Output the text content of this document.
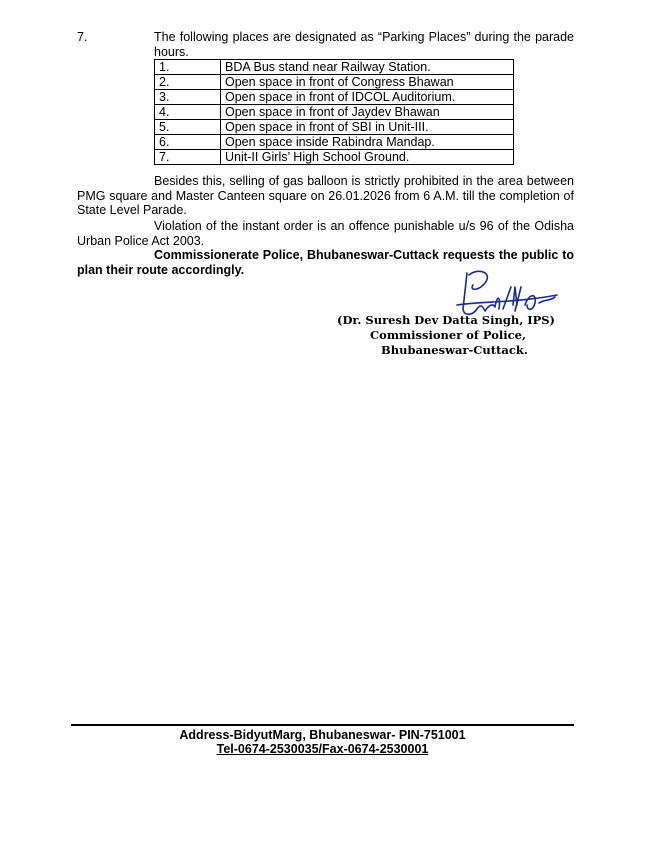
7.	The following places are designated as “Parking Places” during the parade hours.
1.	BDA Bus stand near Railway Station.
2.	Open space in front of Congress Bhawan
3.	Open space in front of IDCOL Auditorium.
4.	Open space in front of Jaydev Bhawan
5.	Open space in front of SBI in Unit-III.
6.	Open space inside Rabindra Mandap.
7.	Unit-II Girls’ High School Ground.
Besides this, selling of gas balloon is strictly prohibited in the area between PMG square and Master Canteen square on 26.01.2026 from 6 A.M. till the completion of State Level Parade.
Violation of the instant order is an offence punishable u/s 96 of the Odisha Urban Police Act 2003.
Commissionerate Police, Bhubaneswar-Cuttack requests the public to plan their route accordingly.
(Dr. Suresh Dev Datta Singh, IPS)
Commissioner of Police,
Bhubaneswar-Cuttack.
Address-BidyutMarg, Bhubaneswar- PIN-751001
Tel-0674-2530035/Fax-0674-2530001
